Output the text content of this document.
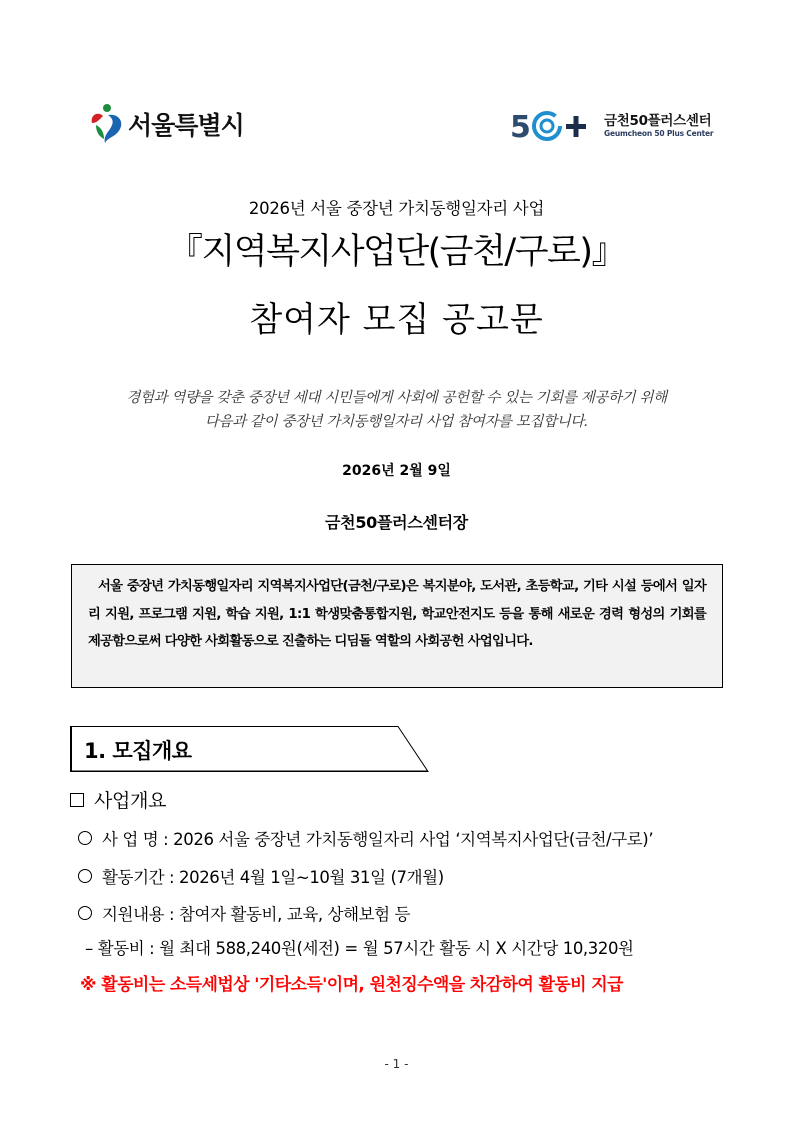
서울특별시	5	금천50플러스센터
Geumcheon 50 Plus Center
2026년 서울 중장년 가치동행일자리 사업
『지역복지사업단(금천/구로)』
참여자 모집 공고문
경험과 역량을 갖춘 중장년 세대 시민들에게 사회에 공헌할 수 있는 기회를 제공하기 위해
다음과 같이 중장년 가치동행일자리 사업 참여자를 모집합니다.
2026년 2월 9일
금천50플러스센터장

서울 중장년 가치동행일자리 지역복지사업단(금천/구로)은 복지분야, 도서관, 초등학교, 기타 시설 등에서 일자리 지원, 프로그램 지원, 학습 지원, 1:1 학생맞춤통합지원, 학교안전지도 등을 통해 새로운 경력 형성의 기회를 제공함으로써 다양한 사회활동으로 진출하는 디딤돌 역할의 사회공헌 사업입니다.

1. 모집개요
사업개요
사 업 명 : 2026 서울 중장년 가치동행일자리 사업 ‘지역복지사업단(금천/구로)’
활동기간 : 2026년 4월 1일~10월 31일 (7개월)
지원내용 : 참여자 활동비, 교육, 상해보험 등
– 활동비 : 월 최대 588,240원(세전) = 월 57시간 활동 시 X 시간당 10,320원
※ 활동비는 소득세법상 '기타소득'이며, 원천징수액을 차감하여 활동비 지급
- 1 -
